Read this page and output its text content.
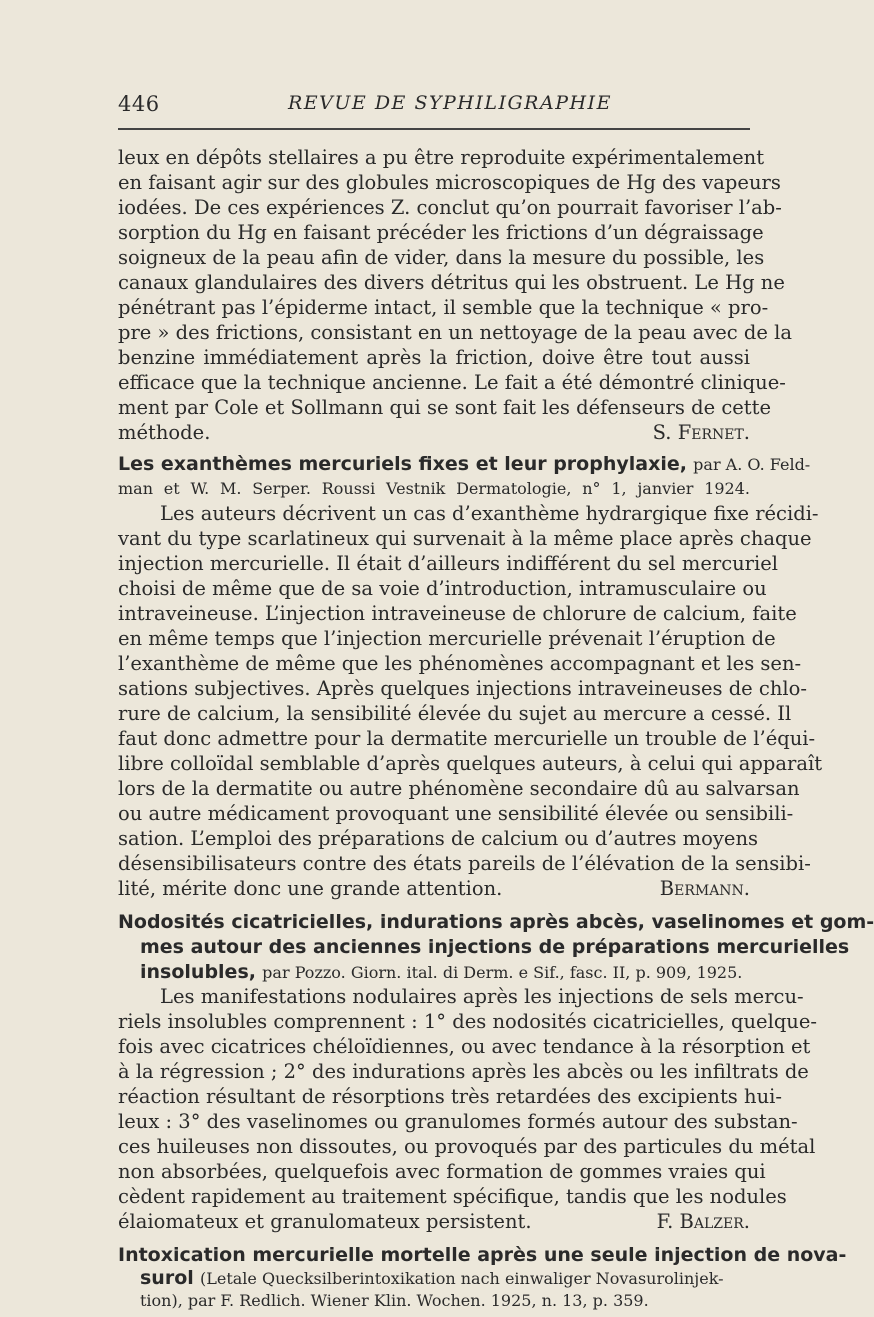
446	REVUE DE SYPHILIGRAPHIE
leux en dépôts stellaires a pu être reproduite expérimentalement
en faisant agir sur des globules microscopiques de Hg des vapeurs
iodées. De ces expériences Z. conclut qu’on pourrait favoriser l’ab-
sorption du Hg en faisant précéder les frictions d’un dégraissage
soigneux de la peau afin de vider, dans la mesure du possible, les
canaux glandulaires des divers détritus qui les obstruent. Le Hg ne
pénétrant pas l’épiderme intact, il semble que la technique « pro-
pre » des frictions, consistant en un nettoyage de la peau avec de la
benzine immédiatement après la friction, doive être tout aussi
efficace que la technique ancienne. Le fait a été démontré clinique-
ment par Cole et Sollmann qui se sont fait les défenseurs de cette
méthode.	S. Fernet.
Les exanthèmes mercuriels fixes et leur prophylaxie, par A. O. Feld-
man et W. M. Serper. Roussi Vestnik Dermatologie, n° 1, janvier 1924.
Les auteurs décrivent un cas d’exanthème hydrargique fixe récidi-
vant du type scarlatineux qui survenait à la même place après chaque
injection mercurielle. Il était d’ailleurs indifférent du sel mercuriel
choisi de même que de sa voie d’introduction, intramusculaire ou
intraveineuse. L’injection intraveineuse de chlorure de calcium, faite
en même temps que l’injection mercurielle prévenait l’éruption de
l’exanthème de même que les phénomènes accompagnant et les sen-
sations subjectives. Après quelques injections intraveineuses de chlo-
rure de calcium, la sensibilité élevée du sujet au mercure a cessé. Il
faut donc admettre pour la dermatite mercurielle un trouble de l’équi-
libre colloïdal semblable d’après quelques auteurs, à celui qui apparaît
lors de la dermatite ou autre phénomène secondaire dû au salvarsan
ou autre médicament provoquant une sensibilité élevée ou sensibili-
sation. L’emploi des préparations de calcium ou d’autres moyens
désensibilisateurs contre des états pareils de l’élévation de la sensibi-
lité, mérite donc une grande attention.	Bermann.
Nodosités cicatricielles, indurations après abcès, vaselinomes et gom-
mes autour des anciennes injections de préparations mercurielles
insolubles, par Pozzo. Giorn. ital. di Derm. e Sif., fasc. II, p. 909, 1925.
Les manifestations nodulaires après les injections de sels mercu-
riels insolubles comprennent : 1° des nodosités cicatricielles, quelque-
fois avec cicatrices chéloïdiennes, ou avec tendance à la résorption et
à la régression ; 2° des indurations après les abcès ou les infiltrats de
réaction résultant de résorptions très retardées des excipients hui-
leux : 3° des vaselinomes ou granulomes formés autour des substan-
ces huileuses non dissoutes, ou provoqués par des particules du métal
non absorbées, quelquefois avec formation de gommes vraies qui
cèdent rapidement au traitement spécifique, tandis que les nodules
élaiomateux et granulomateux persistent.	F. Balzer.
Intoxication mercurielle mortelle après une seule injection de nova-
surol (Letale Quecksilberintoxikation nach einwaliger Novasurolinjek-
tion), par F. Redlich. Wiener Klin. Wochen. 1925, n. 13, p. 359.
